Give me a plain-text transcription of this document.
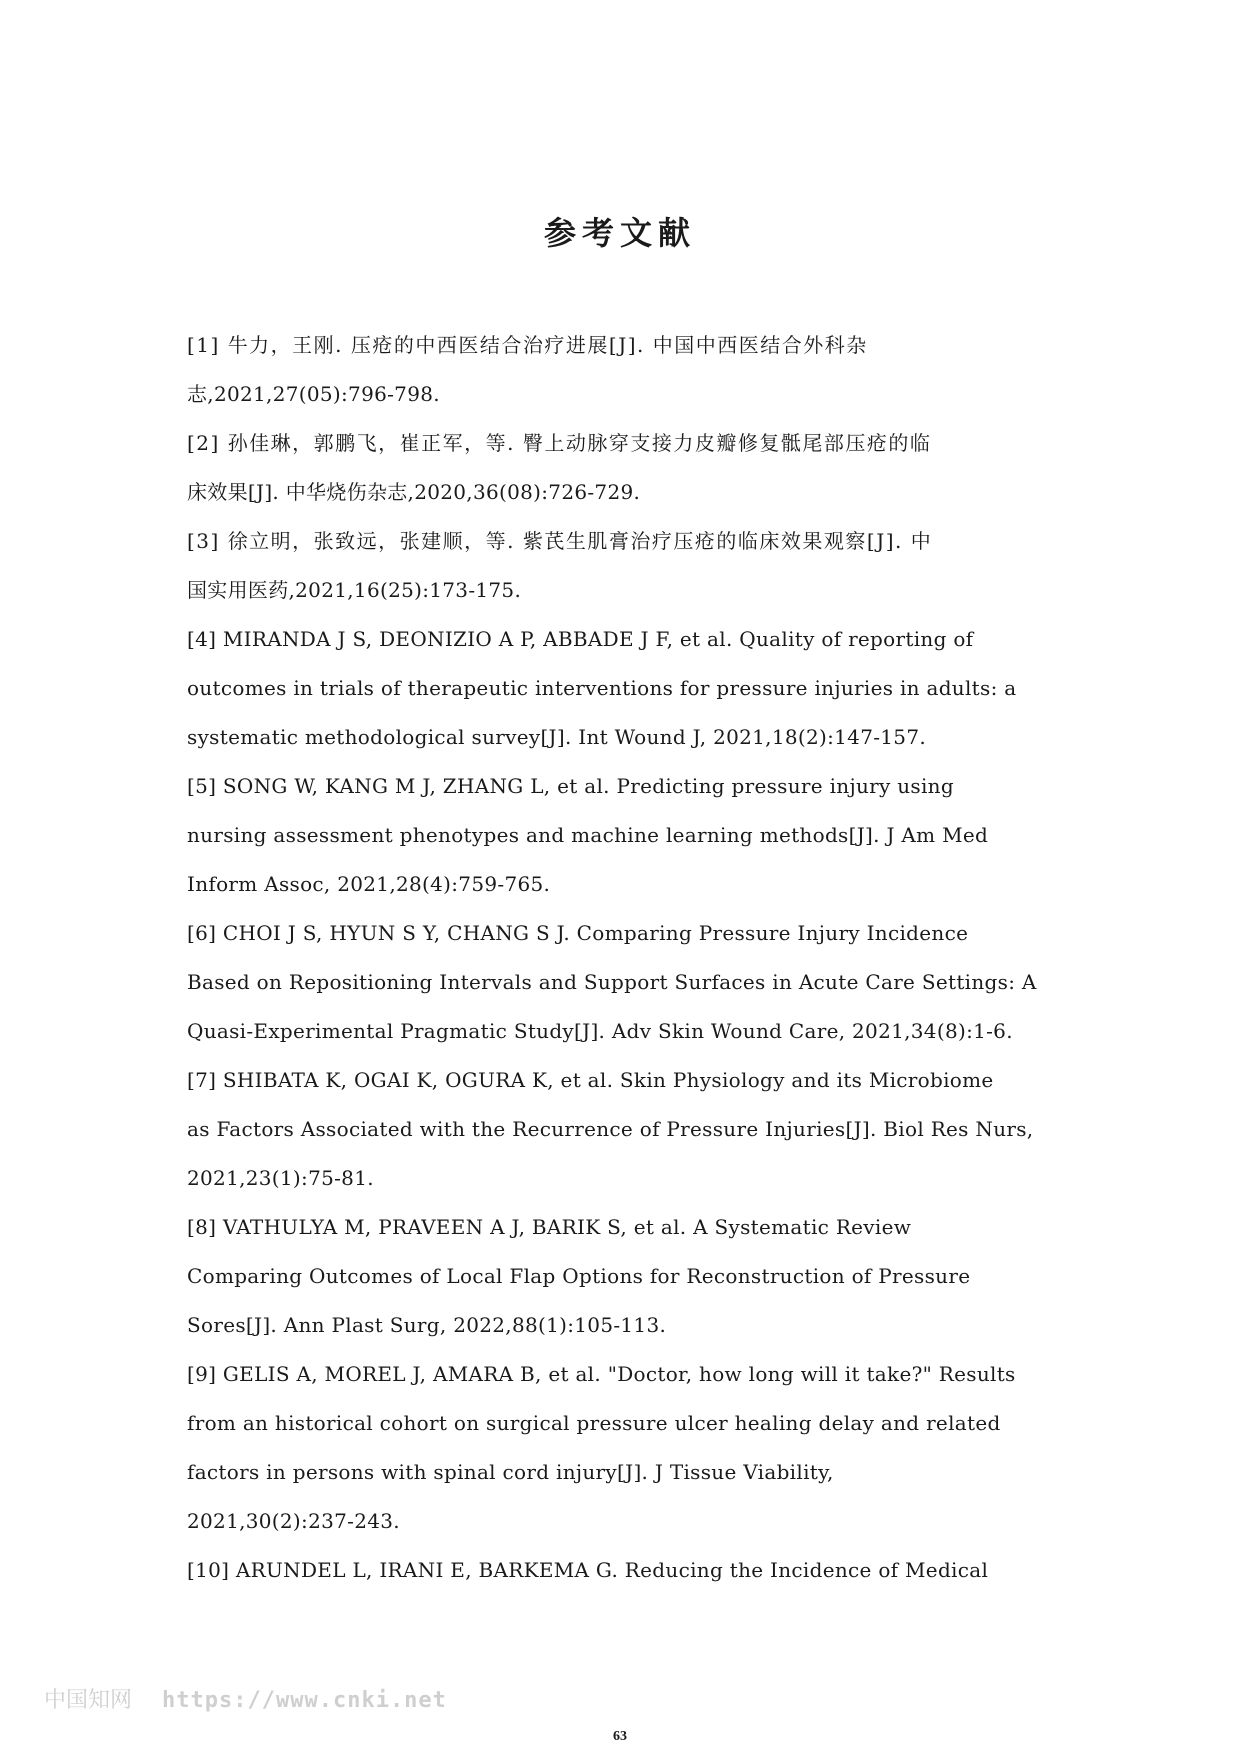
参考文献
[1] 牛力，王刚. 压疮的中西医结合治疗进展[J]. 中国中西医结合外科杂
志,2021,27(05):796-798.
[2] 孙佳琳，郭鹏飞，崔正军，等. 臀上动脉穿支接力皮瓣修复骶尾部压疮的临
床效果[J]. 中华烧伤杂志,2020,36(08):726-729.
[3] 徐立明，张致远，张建顺，等. 紫芪生肌膏治疗压疮的临床效果观察[J]. 中
国实用医药,2021,16(25):173-175.
[4] MIRANDA J S, DEONIZIO A P, ABBADE J F, et al. Quality of reporting of
outcomes in trials of therapeutic interventions for pressure injuries in adults: a
systematic methodological survey[J]. Int Wound J, 2021,18(2):147-157.
[5] SONG W, KANG M J, ZHANG L, et al. Predicting pressure injury using
nursing assessment phenotypes and machine learning methods[J]. J Am Med
Inform Assoc, 2021,28(4):759-765.
[6] CHOI J S, HYUN S Y, CHANG S J. Comparing Pressure Injury Incidence
Based on Repositioning Intervals and Support Surfaces in Acute Care Settings: A
Quasi-Experimental Pragmatic Study[J]. Adv Skin Wound Care, 2021,34(8):1-6.
[7] SHIBATA K, OGAI K, OGURA K, et al. Skin Physiology and its Microbiome
as Factors Associated with the Recurrence of Pressure Injuries[J]. Biol Res Nurs,
2021,23(1):75-81.
[8] VATHULYA M, PRAVEEN A J, BARIK S, et al. A Systematic Review
Comparing Outcomes of Local Flap Options for Reconstruction of Pressure
Sores[J]. Ann Plast Surg, 2022,88(1):105-113.
[9] GELIS A, MOREL J, AMARA B, et al. "Doctor, how long will it take?" Results
from an historical cohort on surgical pressure ulcer healing delay and related
factors in persons with spinal cord injury[J]. J Tissue Viability,
2021,30(2):237-243.
[10] ARUNDEL L, IRANI E, BARKEMA G. Reducing the Incidence of Medical
中国知网 https://www.cnki.net
63
